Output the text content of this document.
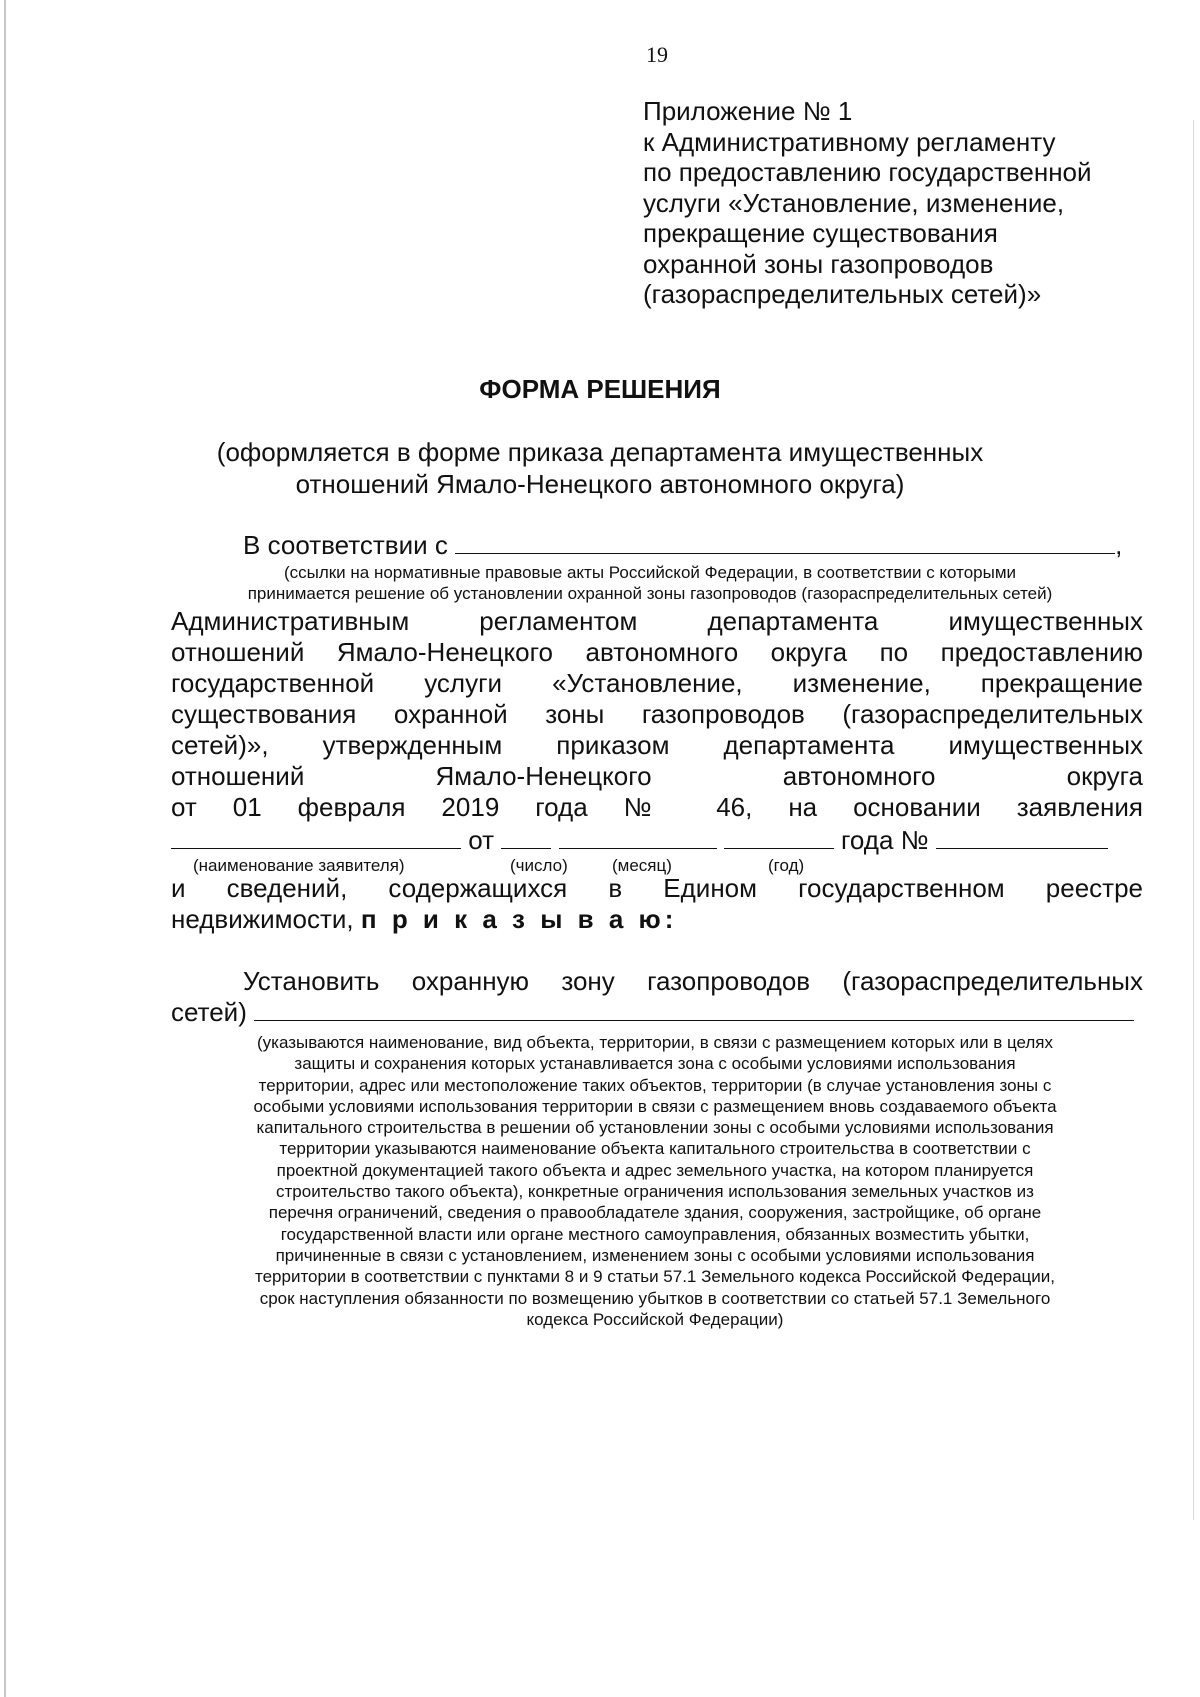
19
Приложение № 1
к Административному регламенту
по предоставлению государственной
услуги «Установление, изменение,
прекращение существования
охранной зоны газопроводов
(газораспределительных сетей)»
ФОРМА РЕШЕНИЯ
(оформляется в форме приказа департамента имущественных
отношений Ямало-Ненецкого автономного округа)
В соответствии с	,
(ссылки на нормативные правовые акты Российской Федерации, в соответствии с которыми
принимается решение об установлении охранной зоны газопроводов (газораспределительных сетей)
Административным регламентом департамента имущественных
отношений Ямало-Ненецкого автономного округа по предоставлению
государственной услуги «Установление, изменение, прекращение
существования охранной зоны газопроводов (газораспределительных
сетей)», утвержденным приказом департамента имущественных
отношений Ямало-Ненецкого автономного округа
от 01 февраля 2019 года № 46, на основании заявления
от	года №
(наименование заявителя)	(число)	(месяц)	(год)
и сведений, содержащихся в Едином государственном реестре
недвижимости, п р и к а з ы в а ю:
Установить охранную зону газопроводов (газораспределительных
сетей)
(указываются наименование, вид объекта, территории, в связи с размещением которых или в целях
защиты и сохранения которых устанавливается зона с особыми условиями использования
территории, адрес или местоположение таких объектов, территории (в случае установления зоны с
особыми условиями использования территории в связи с размещением вновь создаваемого объекта
капитального строительства в решении об установлении зоны с особыми условиями использования
территории указываются наименование объекта капитального строительства в соответствии с
проектной документацией такого объекта и адрес земельного участка, на котором планируется
строительство такого объекта), конкретные ограничения использования земельных участков из
перечня ограничений, сведения о правообладателе здания, сооружения, застройщике, об органе
государственной власти или органе местного самоуправления, обязанных возместить убытки,
причиненные в связи с установлением, изменением зоны с особыми условиями использования
территории в соответствии с пунктами 8 и 9 статьи 57.1 Земельного кодекса Российской Федерации,
срок наступления обязанности по возмещению убытков в соответствии со статьей 57.1 Земельного
кодекса Российской Федерации)
